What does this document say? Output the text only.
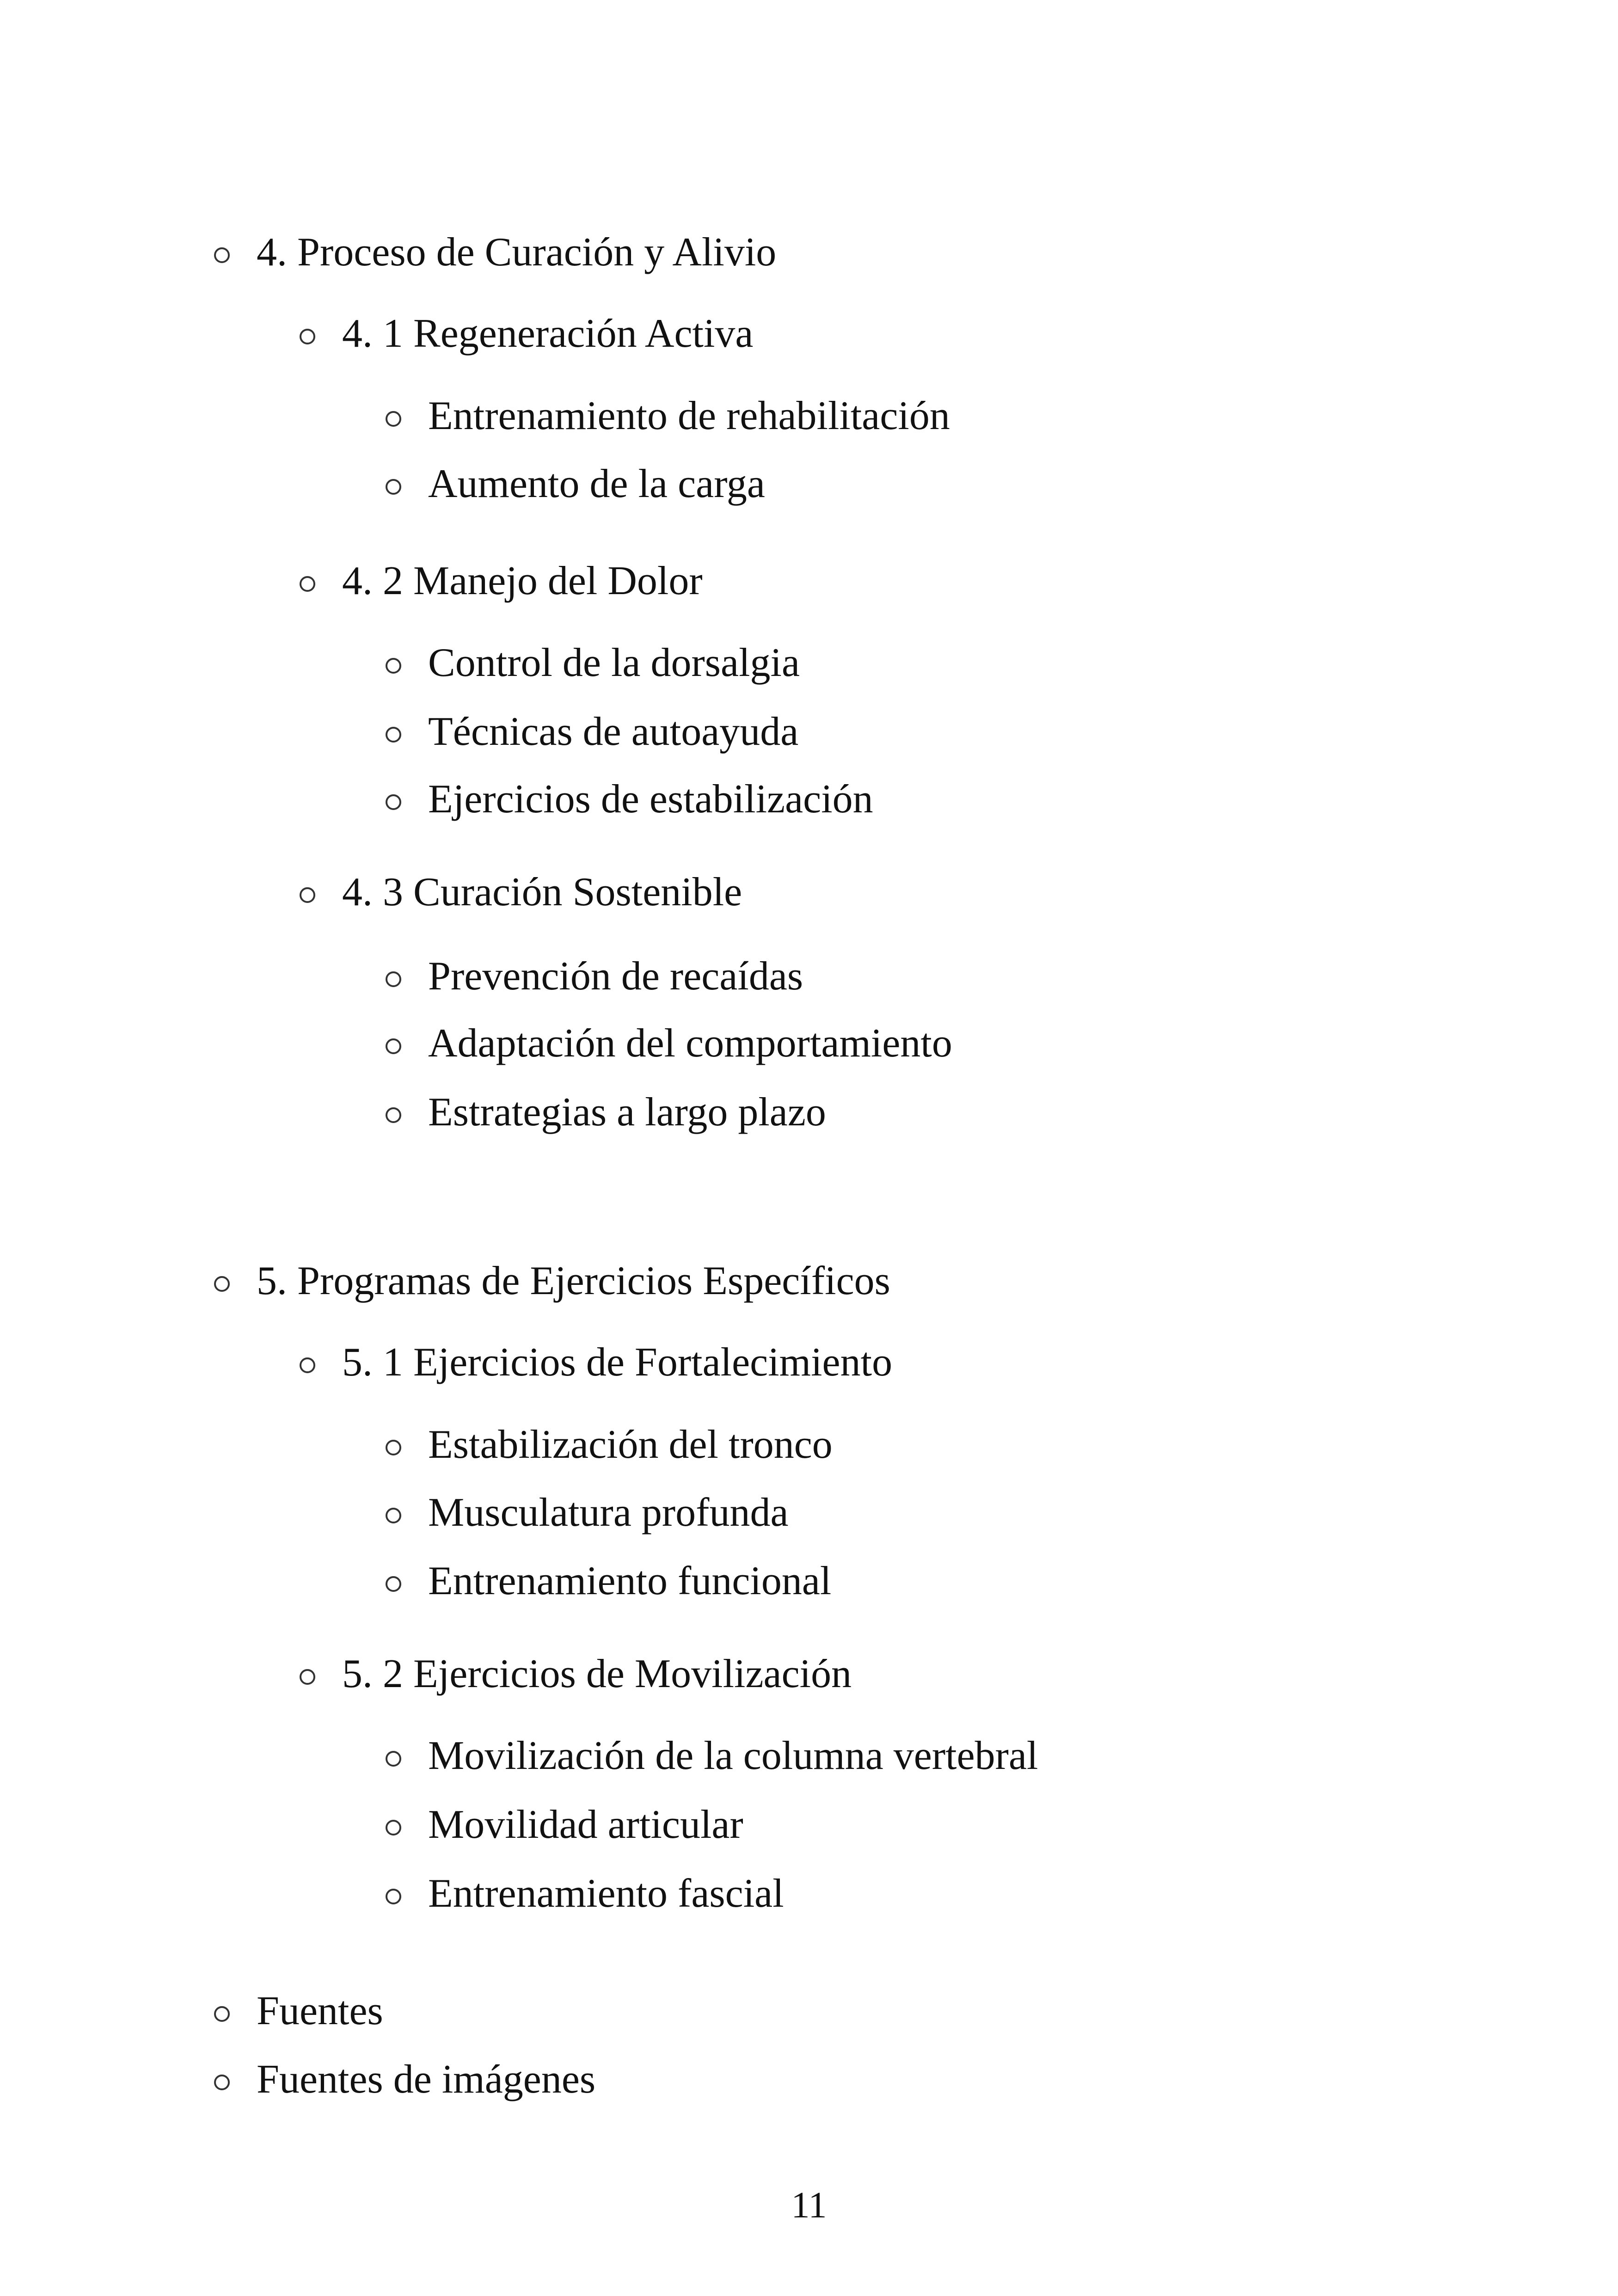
4. Proceso de Curación y Alivio
4. 1 Regeneración Activa
Entrenamiento de rehabilitación
Aumento de la carga
4. 2 Manejo del Dolor
Control de la dorsalgia
Técnicas de autoayuda
Ejercicios de estabilización
4. 3 Curación Sostenible
Prevención de recaídas
Adaptación del comportamiento
Estrategias a largo plazo
5. Programas de Ejercicios Específicos
5. 1 Ejercicios de Fortalecimiento
Estabilización del tronco
Musculatura profunda
Entrenamiento funcional
5. 2 Ejercicios de Movilización
Movilización de la columna vertebral
Movilidad articular
Entrenamiento fascial
Fuentes
Fuentes de imágenes
11
